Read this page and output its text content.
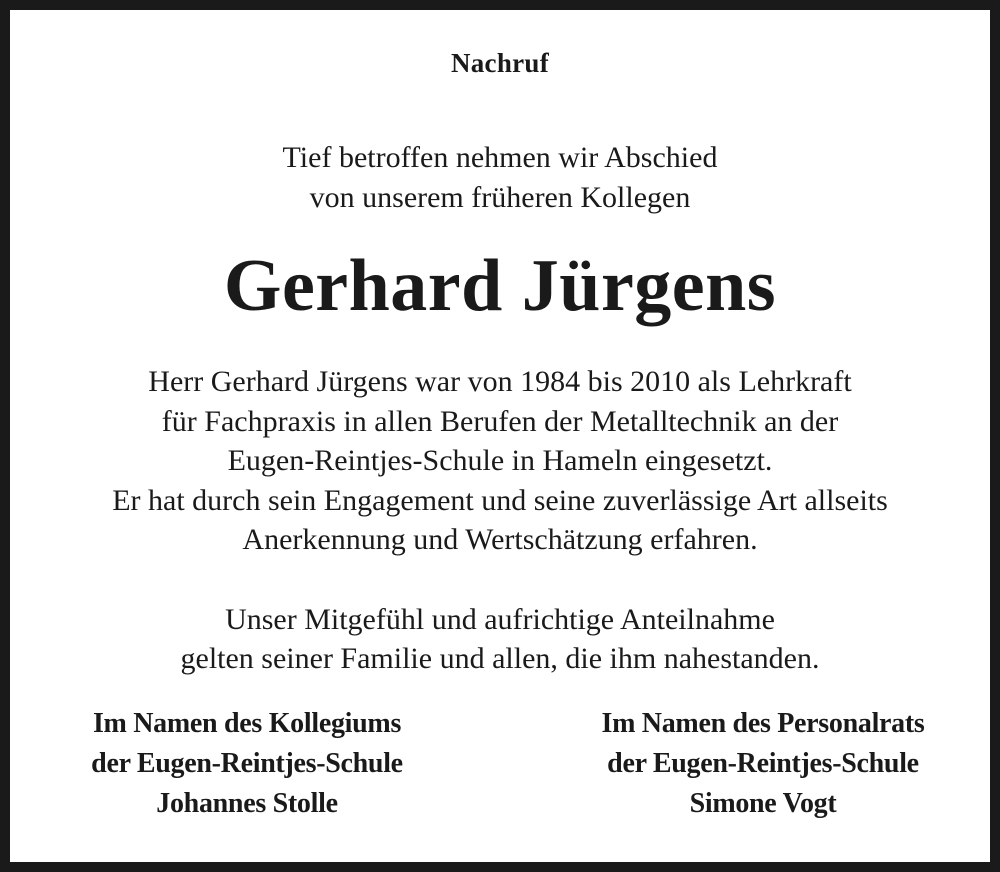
Nachruf
Tief betroffen nehmen wir Abschied
von unserem früheren Kollegen
Gerhard Jürgens
Herr Gerhard Jürgens war von 1984 bis 2010 als Lehrkraft
für Fachpraxis in allen Berufen der Metalltechnik an der
Eugen-Reintjes-Schule in Hameln eingesetzt.
Er hat durch sein Engagement und seine zuverlässige Art allseits
Anerkennung und Wertschätzung erfahren.
Unser Mitgefühl und aufrichtige Anteilnahme
gelten seiner Familie und allen, die ihm nahestanden.
Im Namen des Kollegiums
der Eugen-Reintjes-Schule
Johannes Stolle
Im Namen des Personalrats
der Eugen-Reintjes-Schule
Simone Vogt
